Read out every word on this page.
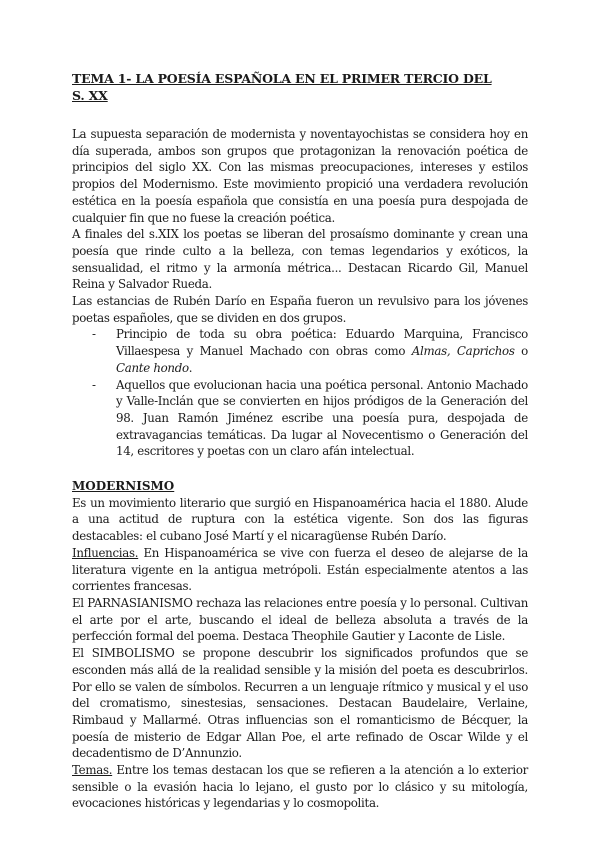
TEMA 1- LA POESÍA ESPAÑOLA EN EL PRIMER TERCIO DEL S. XX

La supuesta separación de modernista y noventayochistas se considera hoy en día superada, ambos son grupos que protagonizan la renovación poética de principios del siglo XX. Con las mismas preocupaciones, intereses y estilos propios del Modernismo. Este movimiento propició una verdadera revolución estética en la poesía española que consistía en una poesía pura despojada de cualquier fin que no fuese la creación poética.

A finales del s.XIX los poetas se liberan del prosaísmo dominante y crean una poesía que rinde culto a la belleza, con temas legendarios y exóticos, la sensualidad, el ritmo y la armonía métrica... Destacan Ricardo Gil, Manuel Reina y Salvador Rueda.

Las estancias de Rubén Darío en España fueron un revulsivo para los jóvenes poetas españoles, que se dividen en dos grupos.

- Principio de toda su obra poética: Eduardo Marquina, Francisco Villaespesa y Manuel Machado con obras como Almas, Caprichos o Cante hondo.
- Aquellos que evolucionan hacia una poética personal. Antonio Machado y Valle-Inclán que se convierten en hijos pródigos de la Generación del 98. Juan Ramón Jiménez escribe una poesía pura, despojada de extravagancias temáticas. Da lugar al Novecentismo o Generación del 14, escritores y poetas con un claro afán intelectual.
MODERNISMO

Es un movimiento literario que surgió en Hispanoamérica hacia el 1880. Alude a una actitud de ruptura con la estética vigente. Son dos las figuras destacables: el cubano José Martí y el nicaragüense Rubén Darío.

Influencias. En Hispanoamérica se vive con fuerza el deseo de alejarse de la literatura vigente en la antigua metrópoli. Están especialmente atentos a las corrientes francesas.

El PARNASIANISMO rechaza las relaciones entre poesía y lo personal. Cultivan el arte por el arte, buscando el ideal de belleza absoluta a través de la perfección formal del poema. Destaca Theophile Gautier y Laconte de Lisle.

El SIMBOLISMO se propone descubrir los significados profundos que se esconden más allá de la realidad sensible y la misión del poeta es descubrirlos. Por ello se valen de símbolos. Recurren a un lenguaje rítmico y musical y el uso del cromatismo, sinestesias, sensaciones. Destacan Baudelaire, Verlaine, Rimbaud y Mallarmé. Otras influencias son el romanticismo de Bécquer, la poesía de misterio de Edgar Allan Poe, el arte refinado de Oscar Wilde y el decadentismo de D’Annunzio.

Temas. Entre los temas destacan los que se refieren a la atención a lo exterior sensible o la evasión hacia lo lejano, el gusto por lo clásico y su mitología, evocaciones históricas y legendarias y lo cosmopolita.
